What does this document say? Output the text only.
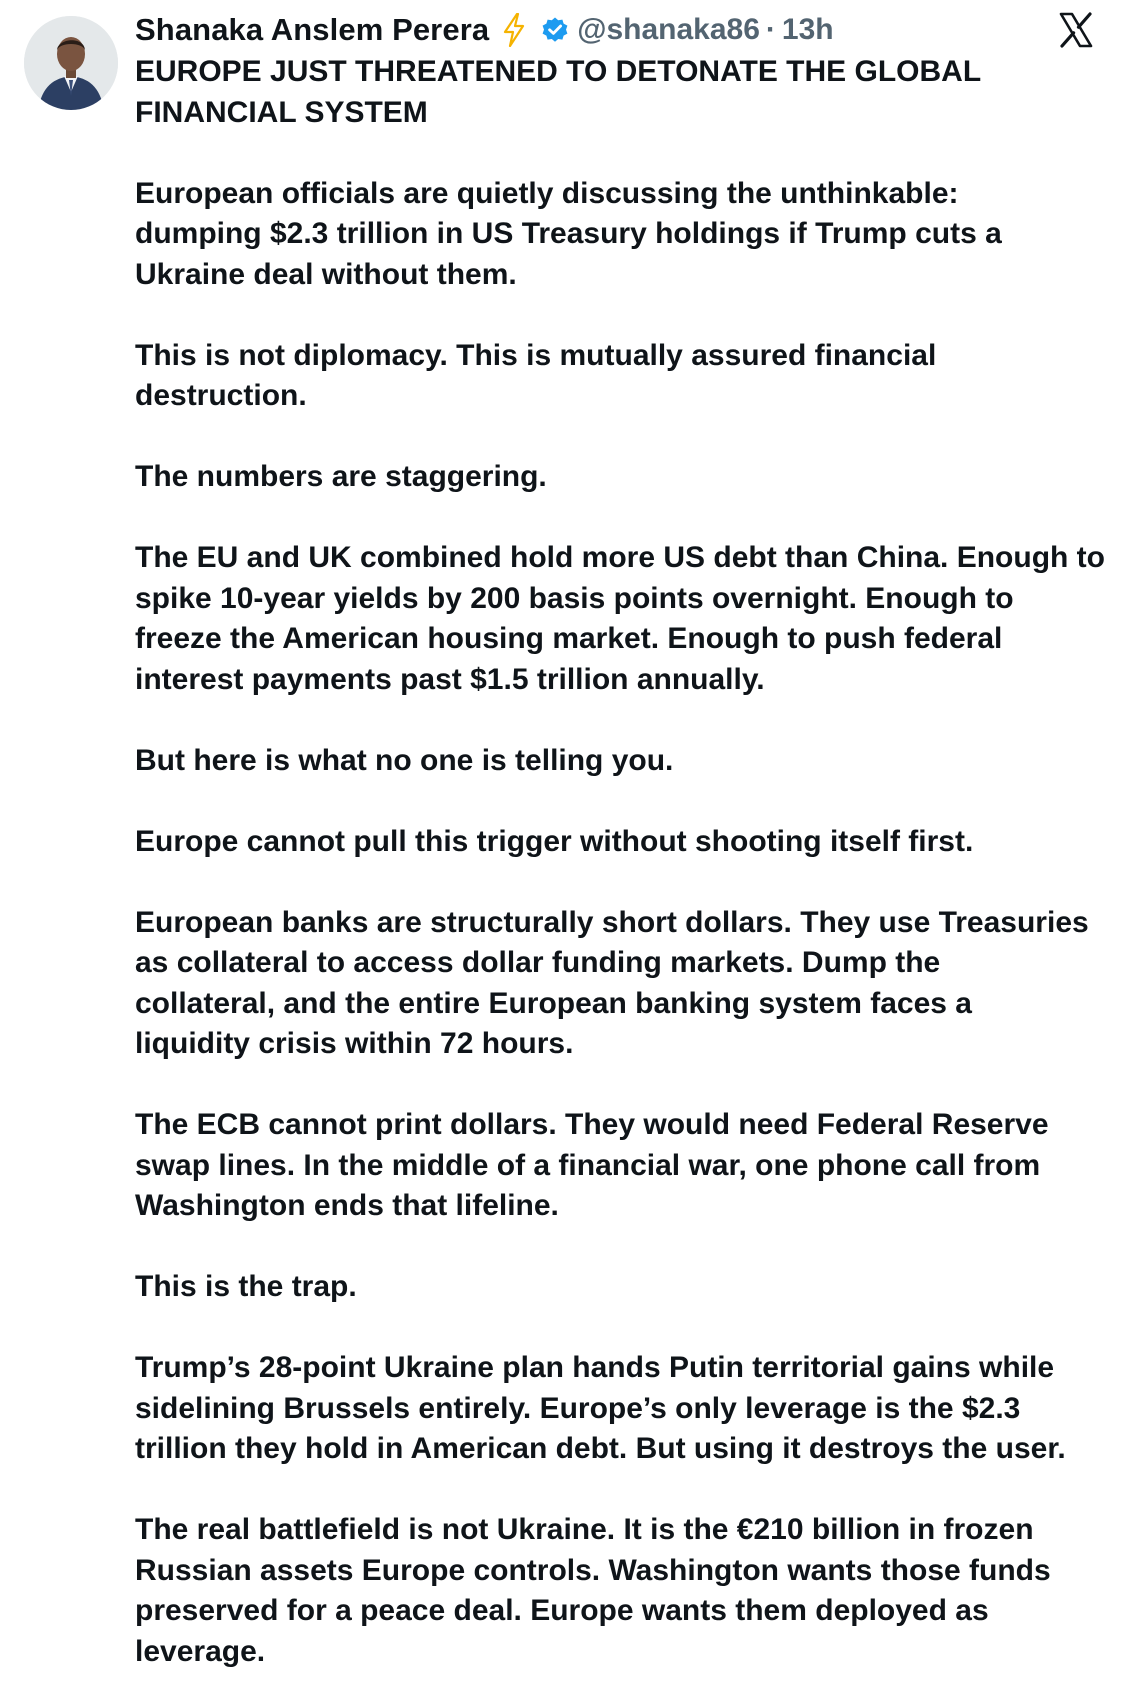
Shanaka Anslem Perera	@shanaka86 · 13h

EUROPE JUST THREATENED TO DETONATE THE GLOBAL
FINANCIAL SYSTEM

European officials are quietly discussing the unthinkable:
dumping $2.3 trillion in US Treasury holdings if Trump cuts a
Ukraine deal without them.

This is not diplomacy. This is mutually assured financial
destruction.

The numbers are staggering.

The EU and UK combined hold more US debt than China. Enough to
spike 10-year yields by 200 basis points overnight. Enough to
freeze the American housing market. Enough to push federal
interest payments past $1.5 trillion annually.

But here is what no one is telling you.

Europe cannot pull this trigger without shooting itself first.

European banks are structurally short dollars. They use Treasuries
as collateral to access dollar funding markets. Dump the
collateral, and the entire European banking system faces a
liquidity crisis within 72 hours.

The ECB cannot print dollars. They would need Federal Reserve
swap lines. In the middle of a financial war, one phone call from
Washington ends that lifeline.

This is the trap.

Trump’s 28-point Ukraine plan hands Putin territorial gains while
sidelining Brussels entirely. Europe’s only leverage is the $2.3
trillion they hold in American debt. But using it destroys the user.

The real battlefield is not Ukraine. It is the €210 billion in frozen
Russian assets Europe controls. Washington wants those funds
preserved for a peace deal. Europe wants them deployed as
leverage.
